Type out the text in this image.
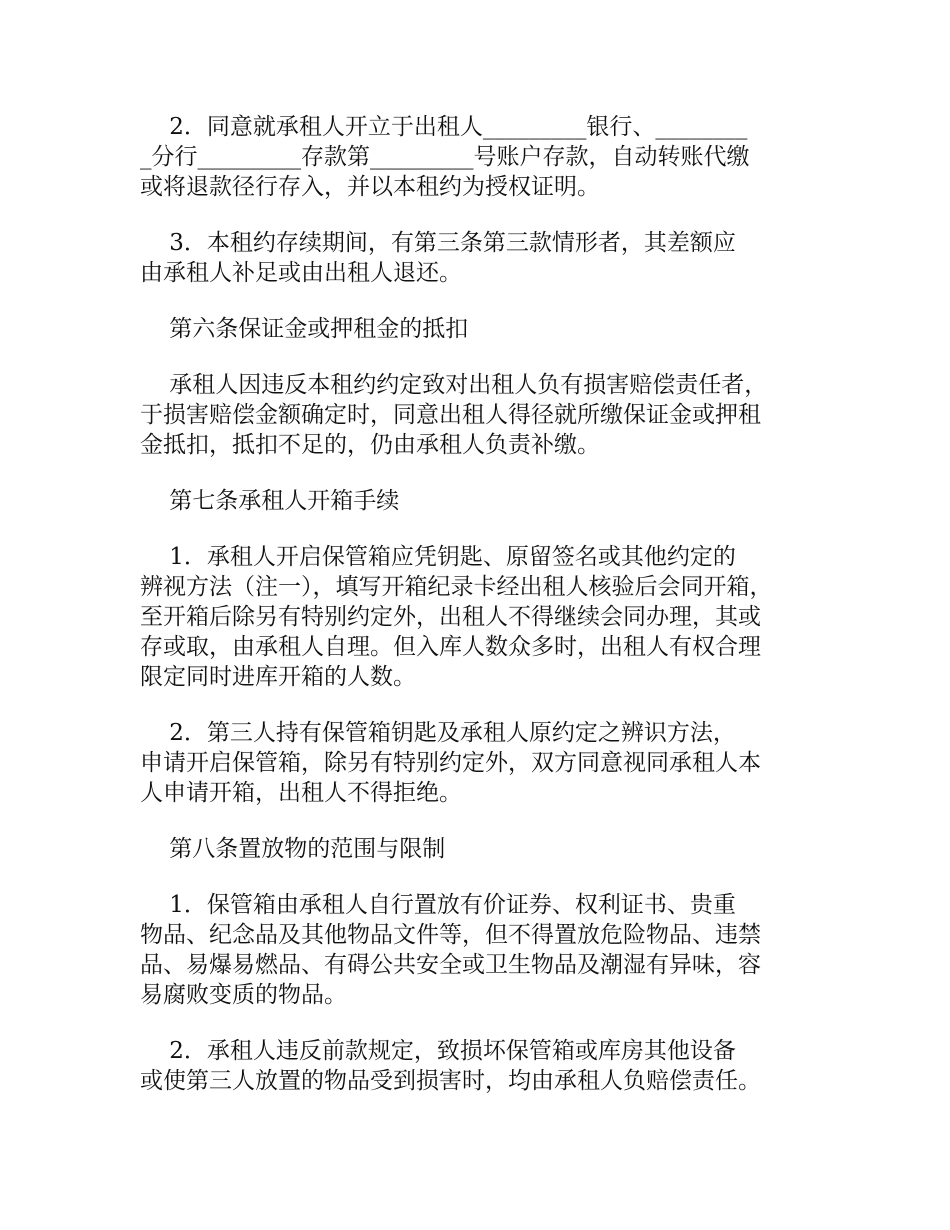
2．同意就承租人开立于出租人_________银行、________
_分行_________存款第_________号账户存款，自动转账代缴
或将退款径行存入，并以本租约为授权证明。
3．本租约存续期间，有第三条第三款情形者，其差额应
由承租人补足或由出租人退还。
第六条保证金或押租金的抵扣
承租人因违反本租约约定致对出租人负有损害赔偿责任者，
于损害赔偿金额确定时，同意出租人得径就所缴保证金或押租
金抵扣，抵扣不足的，仍由承租人负责补缴。
第七条承租人开箱手续
1．承租人开启保管箱应凭钥匙、原留签名或其他约定的
辨视方法（注一），填写开箱纪录卡经出租人核验后会同开箱，
至开箱后除另有特别约定外，出租人不得继续会同办理，其或
存或取，由承租人自理。但入库人数众多时，出租人有权合理
限定同时进库开箱的人数。
2．第三人持有保管箱钥匙及承租人原约定之辨识方法，
申请开启保管箱，除另有特别约定外，双方同意视同承租人本
人申请开箱，出租人不得拒绝。
第八条置放物的范围与限制
1．保管箱由承租人自行置放有价证券、权利证书、贵重
物品、纪念品及其他物品文件等，但不得置放危险物品、违禁
品、易爆易燃品、有碍公共安全或卫生物品及潮湿有异味，容
易腐败变质的物品。
2．承租人违反前款规定，致损坏保管箱或库房其他设备
或使第三人放置的物品受到损害时，均由承租人负赔偿责任。
